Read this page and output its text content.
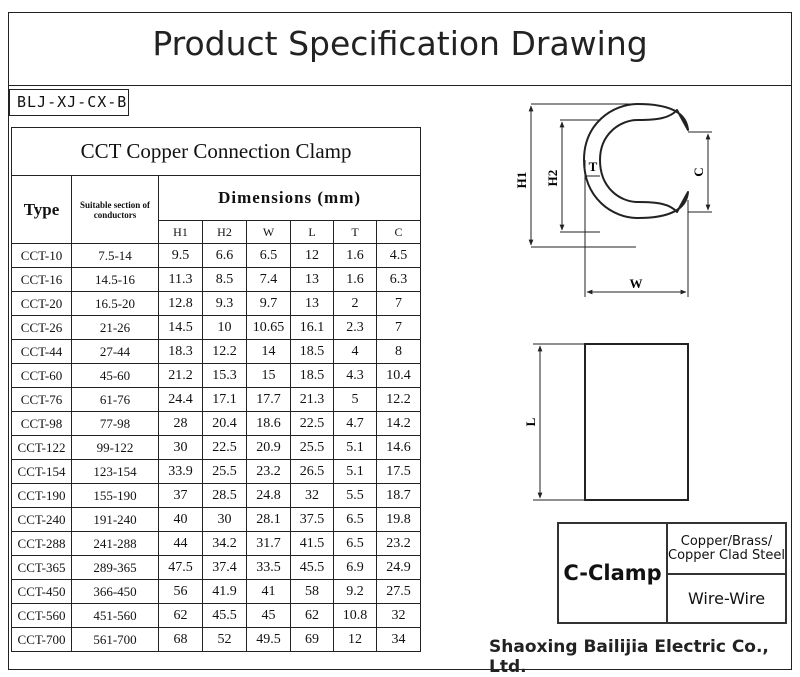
Product Specification Drawing
BLJ-XJ-CX-B
CCT Copper Connection Clamp							
Type	Suitable section of conductors	Dimensions (mm)					
		H1	H2	W	L	T	C
CCT-10	7.5-14	9.5	6.6	6.5	12	1.6	4.5
CCT-16	14.5-16	11.3	8.5	7.4	13	1.6	6.3
CCT-20	16.5-20	12.8	9.3	9.7	13	2	7
CCT-26	21-26	14.5	10	10.65	16.1	2.3	7
CCT-44	27-44	18.3	12.2	14	18.5	4	8
CCT-60	45-60	21.2	15.3	15	18.5	4.3	10.4
CCT-76	61-76	24.4	17.1	17.7	21.3	5	12.2
CCT-98	77-98	28	20.4	18.6	22.5	4.7	14.2
CCT-122	99-122	30	22.5	20.9	25.5	5.1	14.6
CCT-154	123-154	33.9	25.5	23.2	26.5	5.1	17.5
CCT-190	155-190	37	28.5	24.8	32	5.5	18.7
CCT-240	191-240	40	30	28.1	37.5	6.5	19.8
CCT-288	241-288	44	34.2	31.7	41.5	6.5	23.2
CCT-365	289-365	47.5	37.4	33.5	45.5	6.9	24.9
CCT-450	366-450	56	41.9	41	58	9.2	27.5
CCT-560	451-560	62	45.5	45	62	10.8	32
CCT-700	561-700	68	52	49.5	69	12	34
H1 H2
T	C
W
L
C-Clamp	Copper/Brass/ Copper Clad Steel
Wire-Wire
Shaoxing Bailijia Electric Co., Ltd.
